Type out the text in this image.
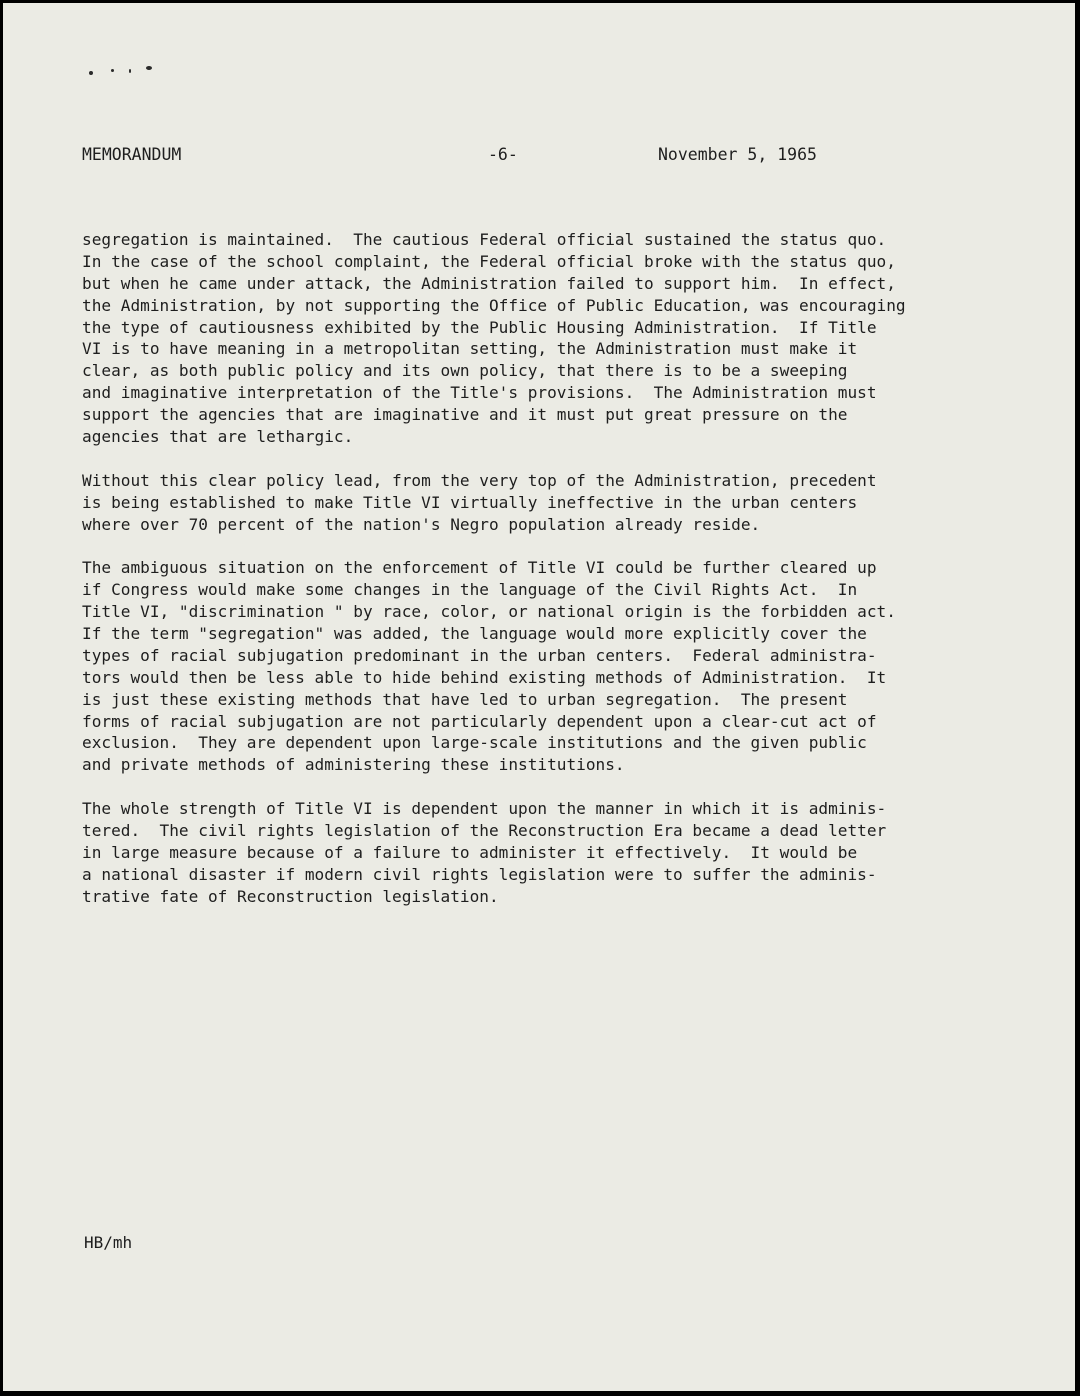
MEMORANDUM	-6-	November 5, 1965
segregation is maintained.  The cautious Federal official sustained the status quo.
In the case of the school complaint, the Federal official broke with the status quo,
but when he came under attack, the Administration failed to support him.  In effect,
the Administration, by not supporting the Office of Public Education, was encouraging
the type of cautiousness exhibited by the Public Housing Administration.  If Title
VI is to have meaning in a metropolitan setting, the Administration must make it
clear, as both public policy and its own policy, that there is to be a sweeping
and imaginative interpretation of the Title's provisions.  The Administration must
support the agencies that are imaginative and it must put great pressure on the
agencies that are lethargic.
Without this clear policy lead, from the very top of the Administration, precedent
is being established to make Title VI virtually ineffective in the urban centers
where over 70 percent of the nation's Negro population already reside.
The ambiguous situation on the enforcement of Title VI could be further cleared up
if Congress would make some changes in the language of the Civil Rights Act.  In
Title VI, "discrimination " by race, color, or national origin is the forbidden act.
If the term "segregation" was added, the language would more explicitly cover the
types of racial subjugation predominant in the urban centers.  Federal administra-
tors would then be less able to hide behind existing methods of Administration.  It
is just these existing methods that have led to urban segregation.  The present
forms of racial subjugation are not particularly dependent upon a clear-cut act of
exclusion.  They are dependent upon large-scale institutions and the given public
and private methods of administering these institutions.
The whole strength of Title VI is dependent upon the manner in which it is adminis-
tered.  The civil rights legislation of the Reconstruction Era became a dead letter
in large measure because of a failure to administer it effectively.  It would be
a national disaster if modern civil rights legislation were to suffer the adminis-
trative fate of Reconstruction legislation.
HB/mh
